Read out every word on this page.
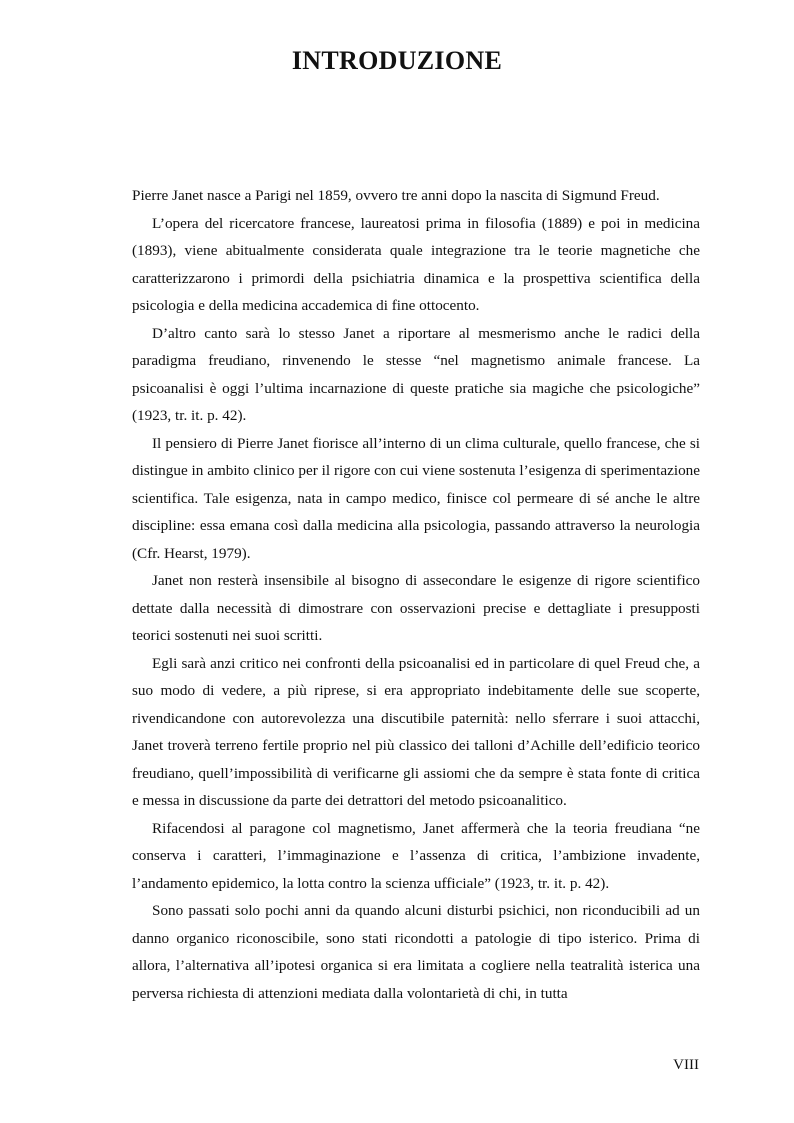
INTRODUZIONE

Pierre Janet nasce a Parigi nel 1859, ovvero tre anni dopo la nascita di Sigmund Freud.

L’opera del ricercatore francese, laureatosi prima in filosofia (1889) e poi in medicina (1893), viene abitualmente considerata quale integrazione tra le teorie magnetiche che caratterizzarono i primordi della psichiatria dinamica e la prospettiva scientifica della psicologia e della medicina accademica di fine ottocento.

D’altro canto sarà lo stesso Janet a riportare al mesmerismo anche le radici della paradigma freudiano, rinvenendo le stesse “nel magnetismo animale francese. La psicoanalisi è oggi l’ultima incarnazione di queste pratiche sia magiche che psicologiche” (1923, tr. it. p. 42).

Il pensiero di Pierre Janet fiorisce all’interno di un clima culturale, quello francese, che si distingue in ambito clinico per il rigore con cui viene sostenuta l’esigenza di sperimentazione scientifica. Tale esigenza, nata in campo medico, finisce col permeare di sé anche le altre discipline: essa emana così dalla medicina alla psicologia, passando attraverso la neurologia (Cfr. Hearst, 1979).

Janet non resterà insensibile al bisogno di assecondare le esigenze di rigore scientifico dettate dalla necessità di dimostrare con osservazioni precise e dettagliate i presupposti teorici sostenuti nei suoi scritti.

Egli sarà anzi critico nei confronti della psicoanalisi ed in particolare di quel Freud che, a suo modo di vedere, a più riprese, si era appropriato indebitamente delle sue scoperte, rivendicandone con autorevolezza una discutibile paternità: nello sferrare i suoi attacchi, Janet troverà terreno fertile proprio nel più classico dei talloni d’Achille dell’edificio teorico freudiano, quell’impossibilità di verificarne gli assiomi che da sempre è stata fonte di critica e messa in discussione da parte dei detrattori del metodo psicoanalitico.

Rifacendosi al paragone col magnetismo, Janet affermerà che la teoria freudiana “ne conserva i caratteri, l’immaginazione e l’assenza di critica, l’ambizione invadente, l’andamento epidemico, la lotta contro la scienza ufficiale” (1923, tr. it. p. 42).

Sono passati solo pochi anni da quando alcuni disturbi psichici, non riconducibili ad un danno organico riconoscibile, sono stati ricondotti a patologie di tipo isterico. Prima di allora, l’alternativa all’ipotesi organica si era limitata a cogliere nella teatralità isterica una perversa richiesta di attenzioni mediata dalla volontarietà di chi, in tutta

VIII
